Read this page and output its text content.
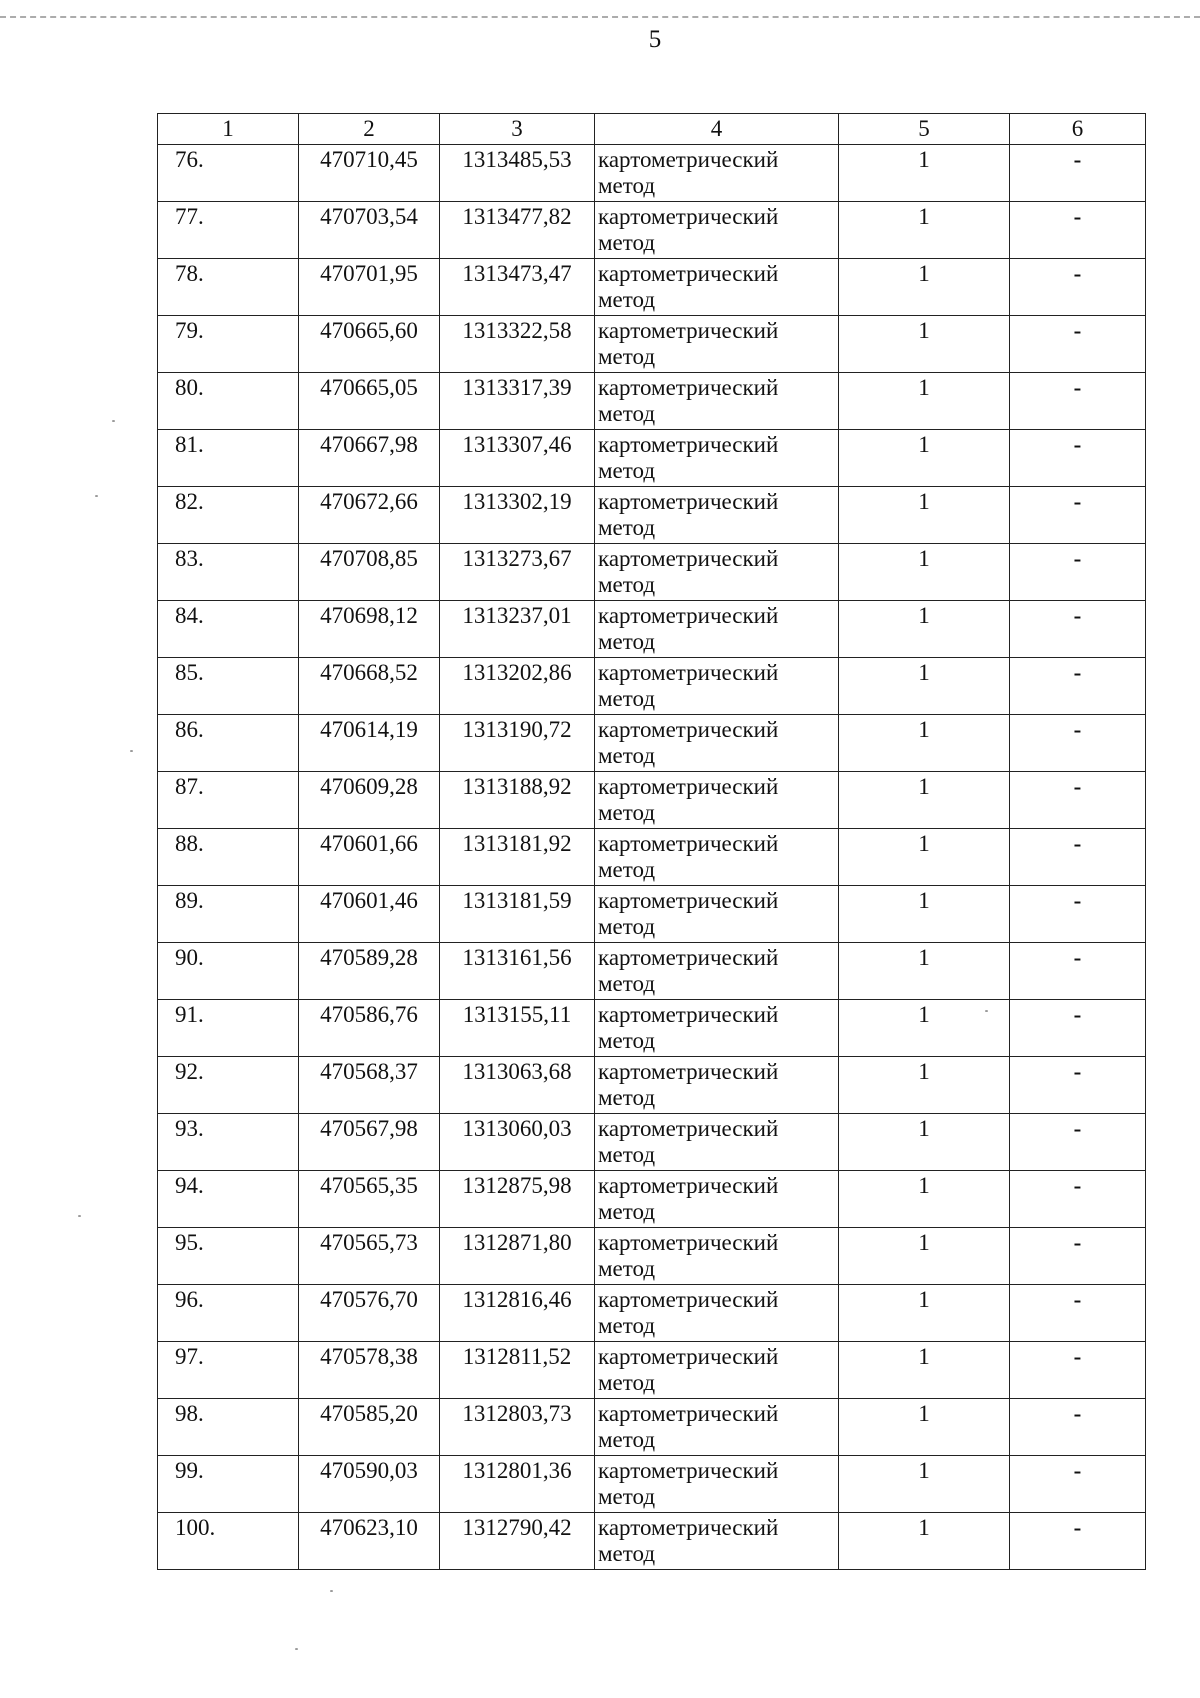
5
1	2	3	4	5	6
76.	470710,45	1313485,53	картометрический метод	1	-
77.	470703,54	1313477,82	картометрический метод	1	-
78.	470701,95	1313473,47	картометрический метод	1	-
79.	470665,60	1313322,58	картометрический метод	1	-
80.	470665,05	1313317,39	картометрический метод	1	-
81.	470667,98	1313307,46	картометрический метод	1	-
82.	470672,66	1313302,19	картометрический метод	1	-
83.	470708,85	1313273,67	картометрический метод	1	-
84.	470698,12	1313237,01	картометрический метод	1	-
85.	470668,52	1313202,86	картометрический метод	1	-
86.	470614,19	1313190,72	картометрический метод	1	-
87.	470609,28	1313188,92	картометрический метод	1	-
88.	470601,66	1313181,92	картометрический метод	1	-
89.	470601,46	1313181,59	картометрический метод	1	-
90.	470589,28	1313161,56	картометрический метод	1	-
91.	470586,76	1313155,11	картометрический метод	1	-
92.	470568,37	1313063,68	картометрический метод	1	-
93.	470567,98	1313060,03	картометрический метод	1	-
94.	470565,35	1312875,98	картометрический метод	1	-
95.	470565,73	1312871,80	картометрический метод	1	-
96.	470576,70	1312816,46	картометрический метод	1	-
97.	470578,38	1312811,52	картометрический метод	1	-
98.	470585,20	1312803,73	картометрический метод	1	-
99.	470590,03	1312801,36	картометрический метод	1	-
100.	470623,10	1312790,42	картометрический метод	1	-
